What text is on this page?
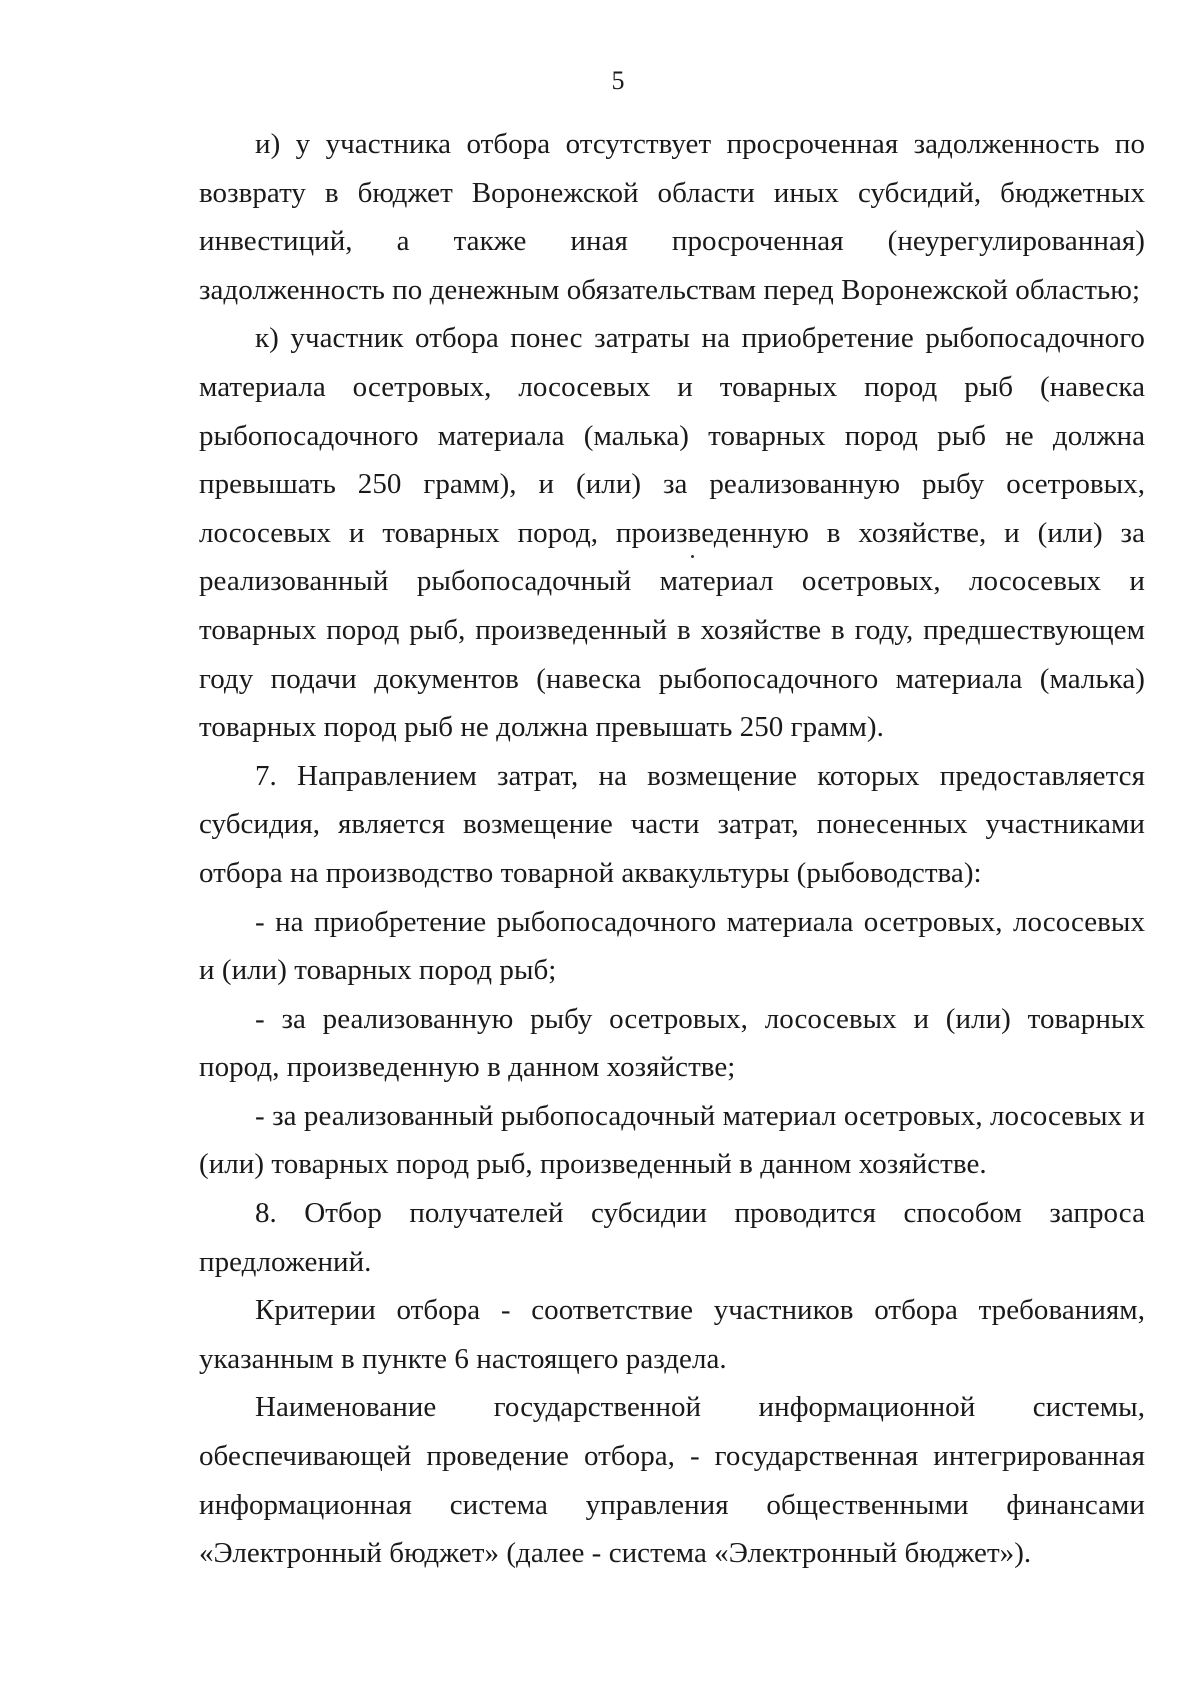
5

и) у участника отбора отсутствует просроченная задолженность по возврату в бюджет Воронежской области иных субсидий, бюджетных инвестиций, а также иная просроченная (неурегулированная) задолженность по денежным обязательствам перед Воронежской областью;

к) участник отбора понес затраты на приобретение рыбопосадочного материала осетровых, лососевых и товарных пород рыб (навеска рыбопосадочного материала (малька) товарных пород рыб не должна превышать 250 грамм), и (или) за реализованную рыбу осетровых, лососевых и товарных пород, произведенную в хозяйстве, и (или) за реализованный рыбопосадочный материал осетровых, лососевых и товарных пород рыб, произведенный в хозяйстве в году, предшествующем году подачи документов (навеска рыбопосадочного материала (малька) товарных пород рыб не должна превышать 250 грамм).

7. Направлением затрат, на возмещение которых предоставляется субсидия, является возмещение части затрат, понесенных участниками отбора на производство товарной аквакультуры (рыбоводства):

- на приобретение рыбопосадочного материала осетровых, лососевых и (или) товарных пород рыб;

- за реализованную рыбу осетровых, лососевых и (или) товарных пород, произведенную в данном хозяйстве;

- за реализованный рыбопосадочный материал осетровых, лососевых и (или) товарных пород рыб, произведенный в данном хозяйстве.

8. Отбор получателей субсидии проводится способом запроса предложений.

Критерии отбора - соответствие участников отбора требованиям, указанным в пункте 6 настоящего раздела.

Наименование государственной информационной системы, обеспечивающей проведение отбора, - государственная интегрированная информационная система управления общественными финансами «Электронный бюджет» (далее - система «Электронный бюджет»).
